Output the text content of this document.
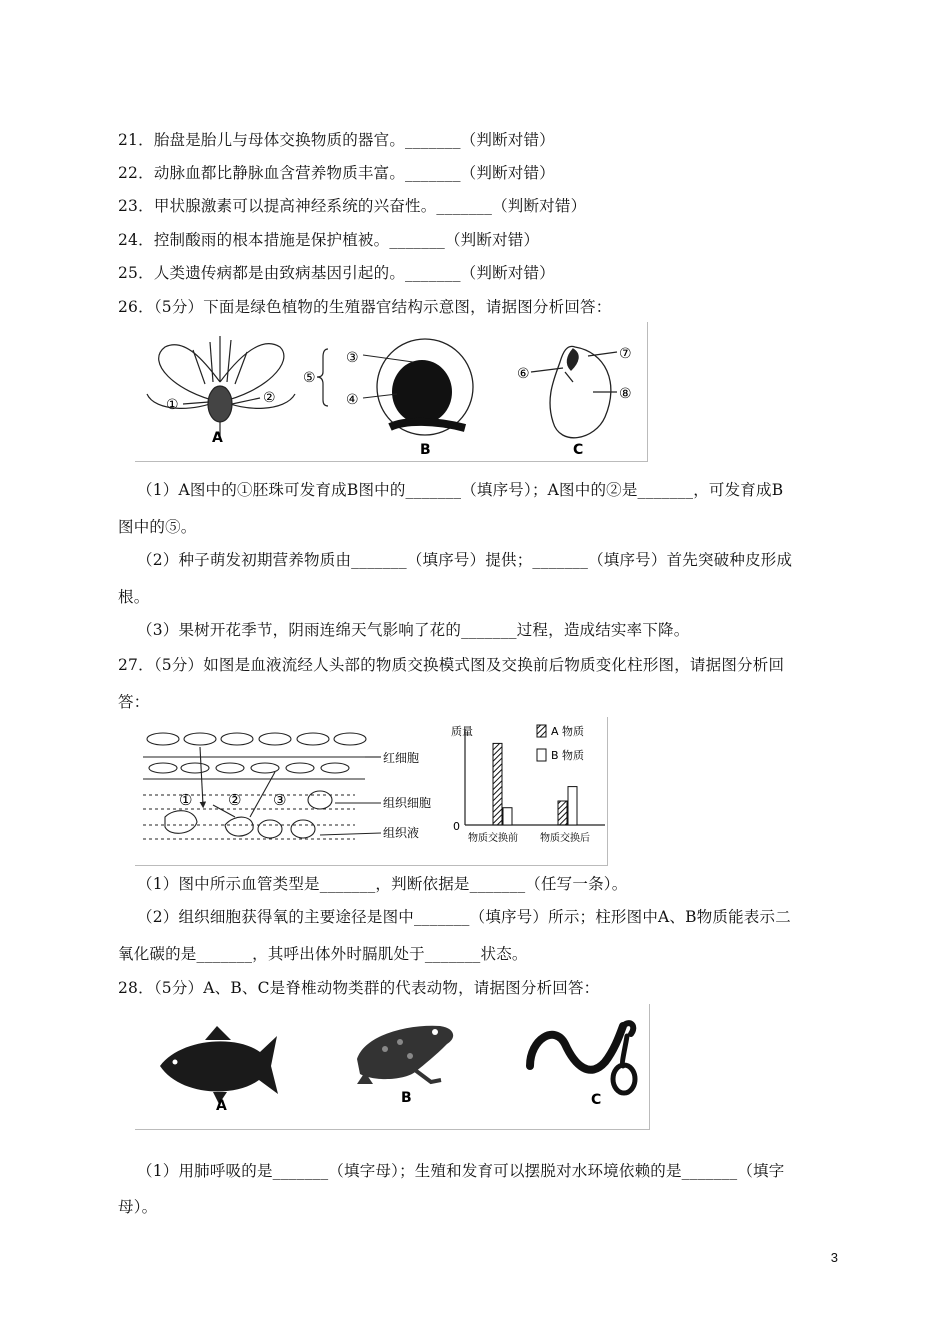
21．胎盘是胎儿与母体交换物质的器官。_______（判断对错）
22．动脉血都比静脉血含营养物质丰富。_______（判断对错）
23．甲状腺激素可以提高神经系统的兴奋性。_______（判断对错）
24．控制酸雨的根本措施是保护植被。_______（判断对错）
25．人类遗传病都是由致病基因引起的。_______（判断对错）
26．（5分）下面是绿色植物的生殖器官结构示意图，请据图分析回答：
①	②
A
③
④
⑤
B
⑥
⑦
⑧
C
（1）A图中的①胚珠可发育成B图中的_______（填序号）；A图中的②是_______，可发育成B
图中的⑤。
（2）种子萌发初期营养物质由_______（填序号）提供；_______（填序号）首先突破种皮形成
根。
（3）果树开花季节，阴雨连绵天气影响了花的_______过程，造成结实率下降。
27．（5分）如图是血液流经人头部的物质交换模式图及交换前后物质变化柱形图，请据图分析回
答：
① ② ③
红细胞
组织细胞
组织液	0
质量	A 物质
B 物质
物质交换前 物质交换后
（1）图中所示血管类型是_______，判断依据是_______（任写一条）。
（2）组织细胞获得氧的主要途径是图中_______（填序号）所示；柱形图中A、B物质能表示二
氧化碳的是_______，其呼出体外时膈肌处于_______状态。
28．（5分）A、B、C是脊椎动物类群的代表动物，请据图分析回答：
A	B	C
（1）用肺呼吸的是_______（填字母）；生殖和发育可以摆脱对水环境依赖的是_______（填字
母）。
3
